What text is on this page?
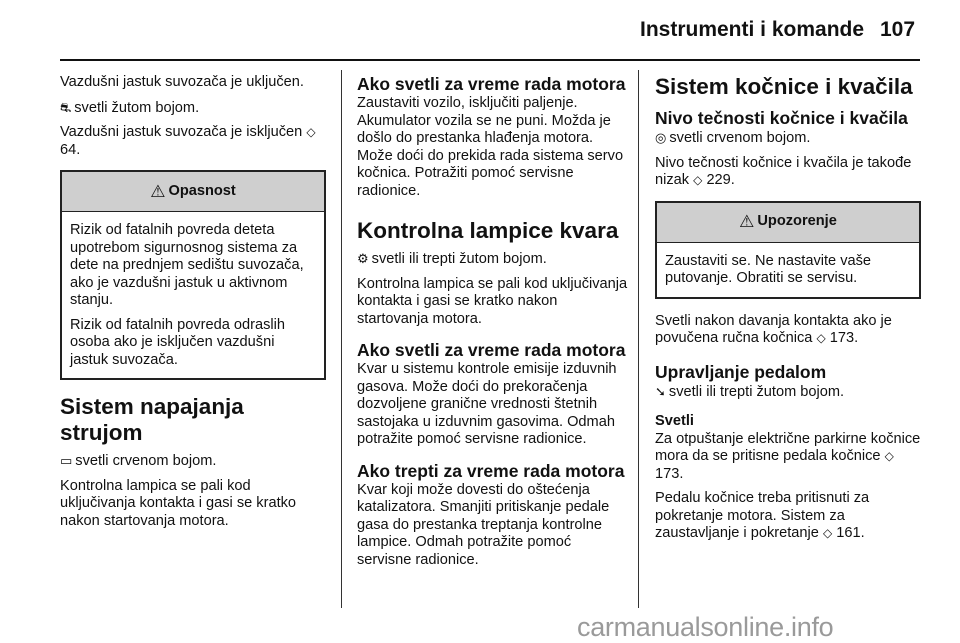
Instrumenti i komande 107

Vazdušni jastuk suvozača je uključen.

⛐ svetli žutom bojom.

Vazdušni jastuk suvozača je isključen ◇ 64.

⚠ Opasnost

Rizik od fatalnih povreda deteta upotrebom sigurnosnog sistema za dete na prednjem sedištu suvozača, ako je vazdušni jastuk u aktivnom stanju.

Rizik od fatalnih povreda odraslih osoba ako je isključen vazdušni jastuk suvozača.

Sistem napajanja strujom

▭ svetli crvenom bojom.

Kontrolna lampica se pali kod uključivanja kontakta i gasi se kratko nakon startovanja motora.

Ako svetli za vreme rada motora

Zaustaviti vozilo, isključiti paljenje. Akumulator vozila se ne puni. Možda je došlo do prestanka hlađenja motora. Može doći do prekida rada sistema servo kočnica. Potražiti pomoć servisne radionice.

Kontrolna lampice kvara

⚙ svetli ili trepti žutom bojom.

Kontrolna lampica se pali kod uključivanja kontakta i gasi se kratko nakon startovanja motora.

Ako svetli za vreme rada motora

Kvar u sistemu kontrole emisije izduvnih gasova. Može doći do prekoračenja dozvoljene granične vrednosti štetnih sastojaka u izduvnim gasovima. Odmah potražite pomoć servisne radionice.

Ako trepti za vreme rada motora

Kvar koji može dovesti do oštećenja katalizatora. Smanjiti pritiskanje pedale gasa do prestanka treptanja kontrolne lampice. Odmah potražite pomoć servisne radionice.

Sistem kočnice i kvačila
Nivo tečnosti kočnice i kvačila

◎ svetli crvenom bojom.

Nivo tečnosti kočnice i kvačila je takođe nizak ◇ 229.

⚠ Upozorenje

Zaustaviti se. Ne nastavite vaše putovanje. Obratiti se servisu.

Svetli nakon davanja kontakta ako je povučena ručna kočnica ◇ 173.

Upravljanje pedalom

➘ svetli ili trepti žutom bojom.

Svetli

Za otpuštanje električne parkirne kočnice mora da se pritisne pedala kočnice ◇ 173.

Pedalu kočnice treba pritisnuti za pokretanje motora. Sistem za zaustavljanje i pokretanje ◇ 161.

carmanualsonline.info
